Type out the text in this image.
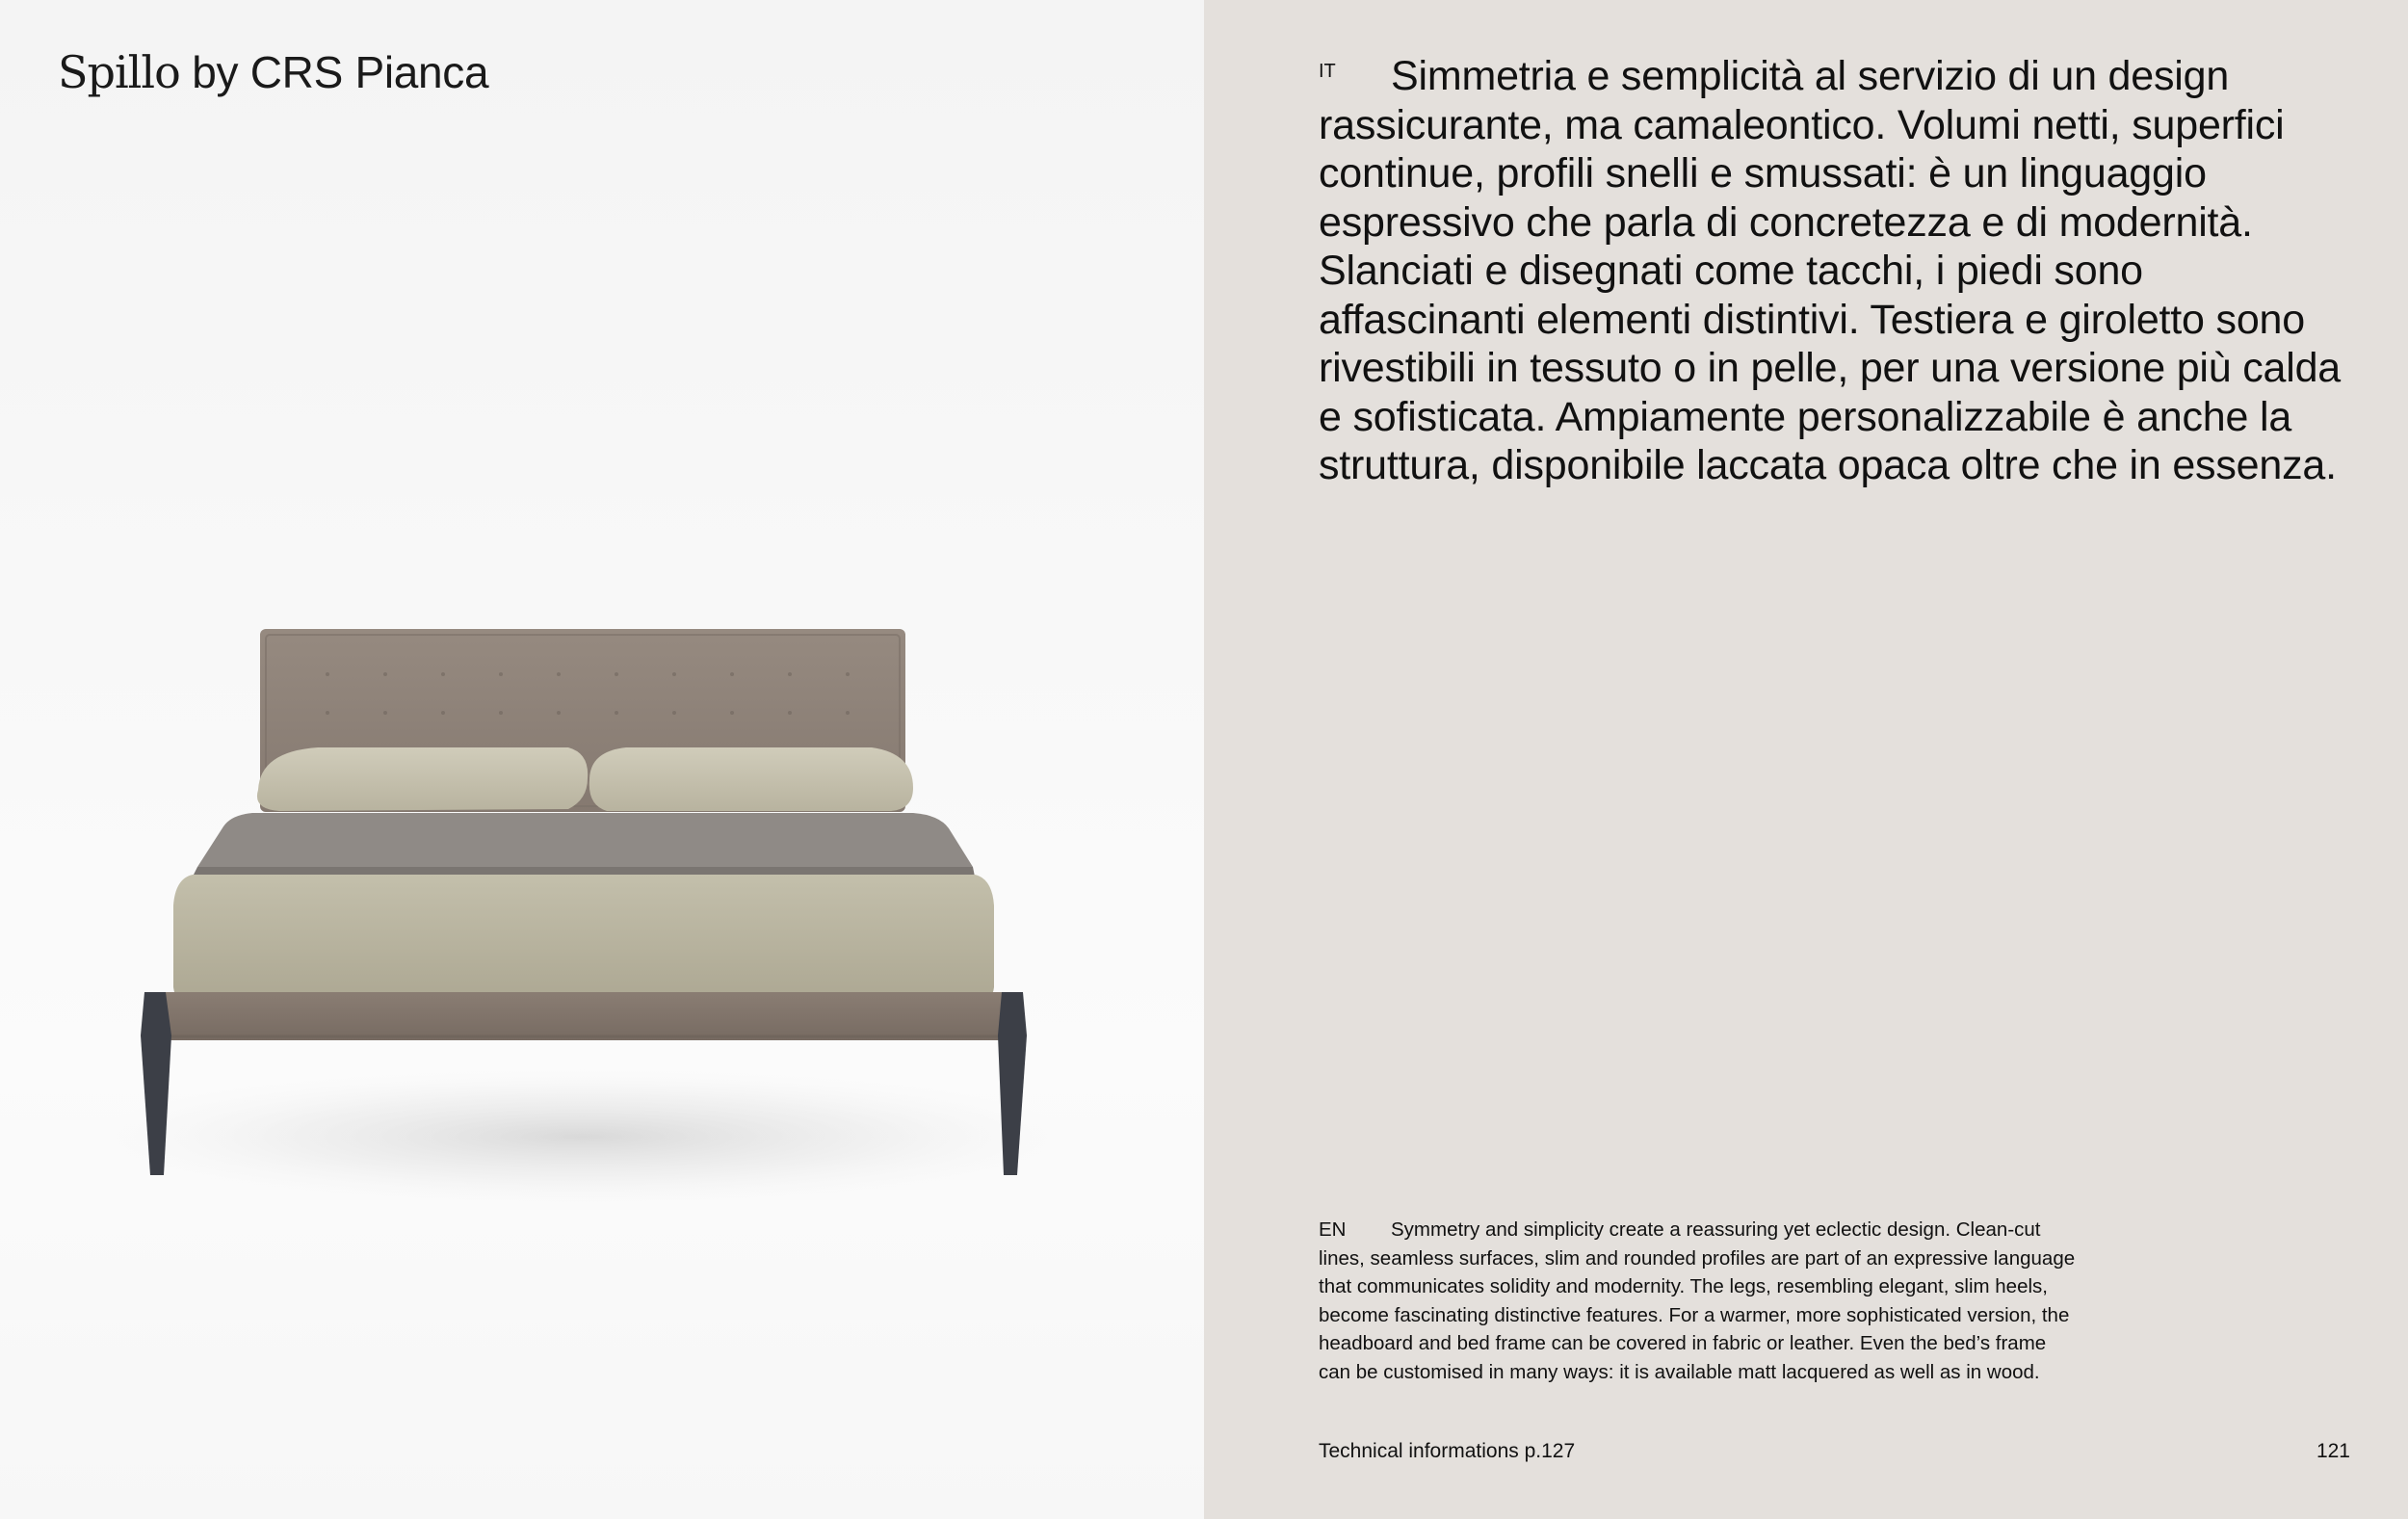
Spillo by CRS Pianca	IT	Simmetria e semplicità al servizio di un design rassicurante, ma camaleontico. Volumi netti, superfici continue, profili snelli e smussati: è un linguaggio espressivo che parla di concretezza e di modernità. Slanciati e disegnati come tacchi, i piedi sono affascinanti elementi distintivi. Testiera e giroletto sono rivestibili in tessuto o in pelle, per una versione più calda e sofisticata. Ampiamente personalizzabile è anche la struttura, disponibile laccata opaca oltre che in essenza.

EN	Symmetry and simplicity create a reassuring yet eclectic design. Clean-cut lines, seamless surfaces, slim and rounded profiles are part of an expressive language that communicates solidity and modernity. The legs, resembling elegant, slim heels, become fascinating distinctive features. For a warmer, more sophisticated version, the headboard and bed frame can be covered in fabric or leather. Even the bed’s frame can be customised in many ways: it is available matt lacquered as well as in wood.

Technical informations p.127	121
